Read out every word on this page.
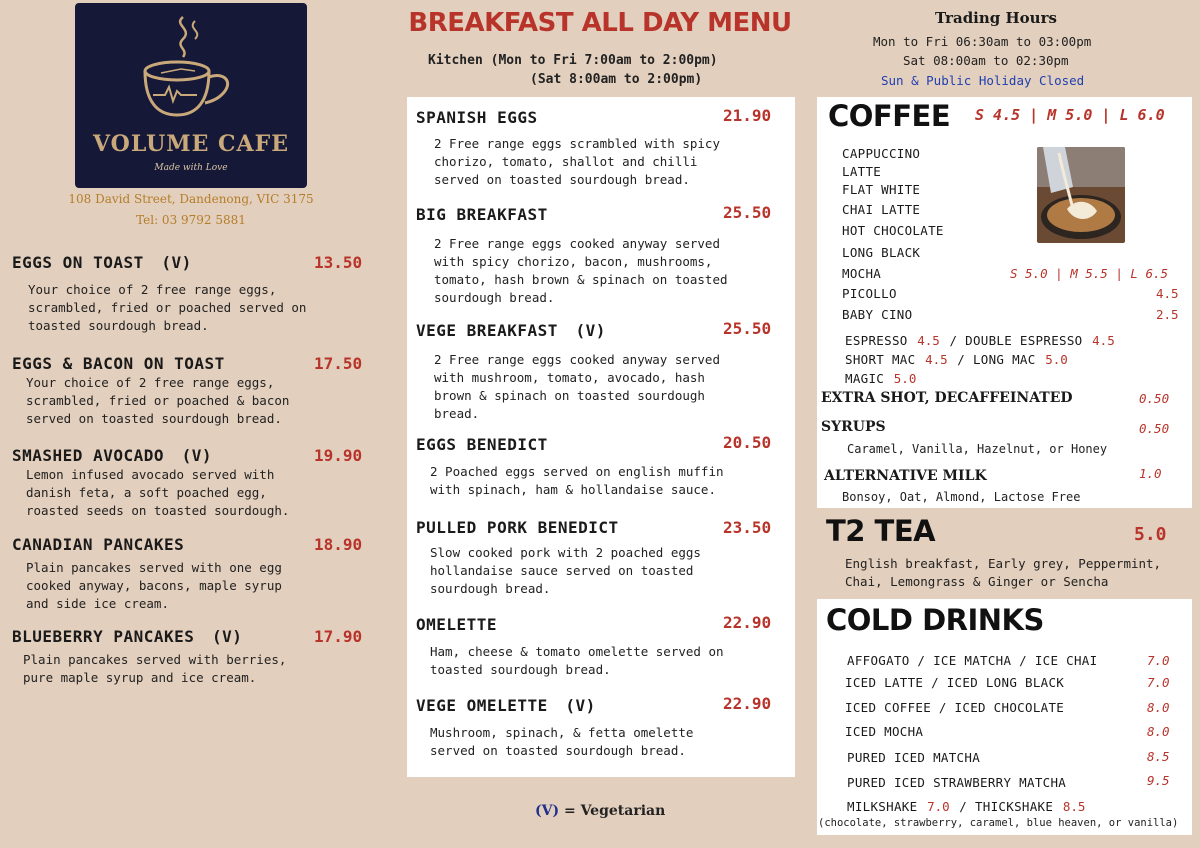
VOLUME CAFE
Made with Love
108 David Street, Dandenong, VIC 3175
Tel: 03 9792 5881
EGGS ON TOAST (V)	13.50
Your choice of 2 free range eggs,
scrambled, fried or poached served on
toasted sourdough bread.
EGGS & BACON ON TOAST	17.50
Your choice of 2 free range eggs,
scrambled, fried or poached & bacon
served on toasted sourdough bread.
SMASHED AVOCADO (V)	19.90
Lemon infused avocado served with
danish feta, a soft poached egg,
roasted seeds on toasted sourdough.
CANADIAN PANCAKES	18.90
Plain pancakes served with one egg
cooked anyway, bacons, maple syrup
and side ice cream.
BLUEBERRY PANCAKES (V)	17.90
Plain pancakes served with berries,
pure maple syrup and ice cream.
BREAKFAST ALL DAY MENU
Kitchen (Mon to Fri 7:00am to 2:00pm)
(Sat 8:00am to 2:00pm)
SPANISH EGGS	21.90
2 Free range eggs scrambled with spicy
chorizo, tomato, shallot and chilli
served on toasted sourdough bread.
BIG BREAKFAST	25.50
2 Free range eggs cooked anyway served
with spicy chorizo, bacon, mushrooms,
tomato, hash brown & spinach on toasted
sourdough bread.
VEGE BREAKFAST (V)	25.50
2 Free range eggs cooked anyway served
with mushroom, tomato, avocado, hash
brown & spinach on toasted sourdough
bread.
EGGS BENEDICT	20.50
2 Poached eggs served on english muffin
with spinach, ham & hollandaise sauce.
PULLED PORK BENEDICT	23.50
Slow cooked pork with 2 poached eggs
hollandaise sauce served on toasted
sourdough bread.
OMELETTE	22.90
Ham, cheese & tomato omelette served on
toasted sourdough bread.
VEGE OMELETTE (V)	22.90
Mushroom, spinach, & fetta omelette
served on toasted sourdough bread.
(V) = Vegetarian
Trading Hours
Mon to Fri 06:30am to 03:00pm
Sat 08:00am to 02:30pm
Sun & Public Holiday Closed
COFFEE S 4.5 | M 5.0 | L 6.0
CAPPUCCINO
LATTE
FLAT WHITE
CHAI LATTE
HOT CHOCOLATE
LONG BLACK
MOCHA	S 5.0 | M 5.5 | L 6.5
PICOLLO	4.5
BABY CINO	2.5
ESPRESSO 4.5 / DOUBLE ESPRESSO 4.5
SHORT MAC 4.5 / LONG MAC 5.0
MAGIC 5.0
EXTRA SHOT, DECAFFEINATED	0.50
SYRUPS	0.50
Caramel, Vanilla, Hazelnut, or Honey
ALTERNATIVE MILK	1.0
Bonsoy, Oat, Almond, Lactose Free
T2 TEA	5.0
English breakfast, Early grey, Peppermint,
Chai, Lemongrass & Ginger or Sencha
COLD DRINKS
AFFOGATO / ICE MATCHA / ICE CHAI	7.0
ICED LATTE / ICED LONG BLACK	7.0
ICED COFFEE / ICED CHOCOLATE	8.0
ICED MOCHA	8.0
PURED ICED MATCHA	8.5
PURED ICED STRAWBERRY MATCHA	9.5
MILKSHAKE 7.0 / THICKSHAKE 8.5
(chocolate, strawberry, caramel, blue heaven, or vanilla)
